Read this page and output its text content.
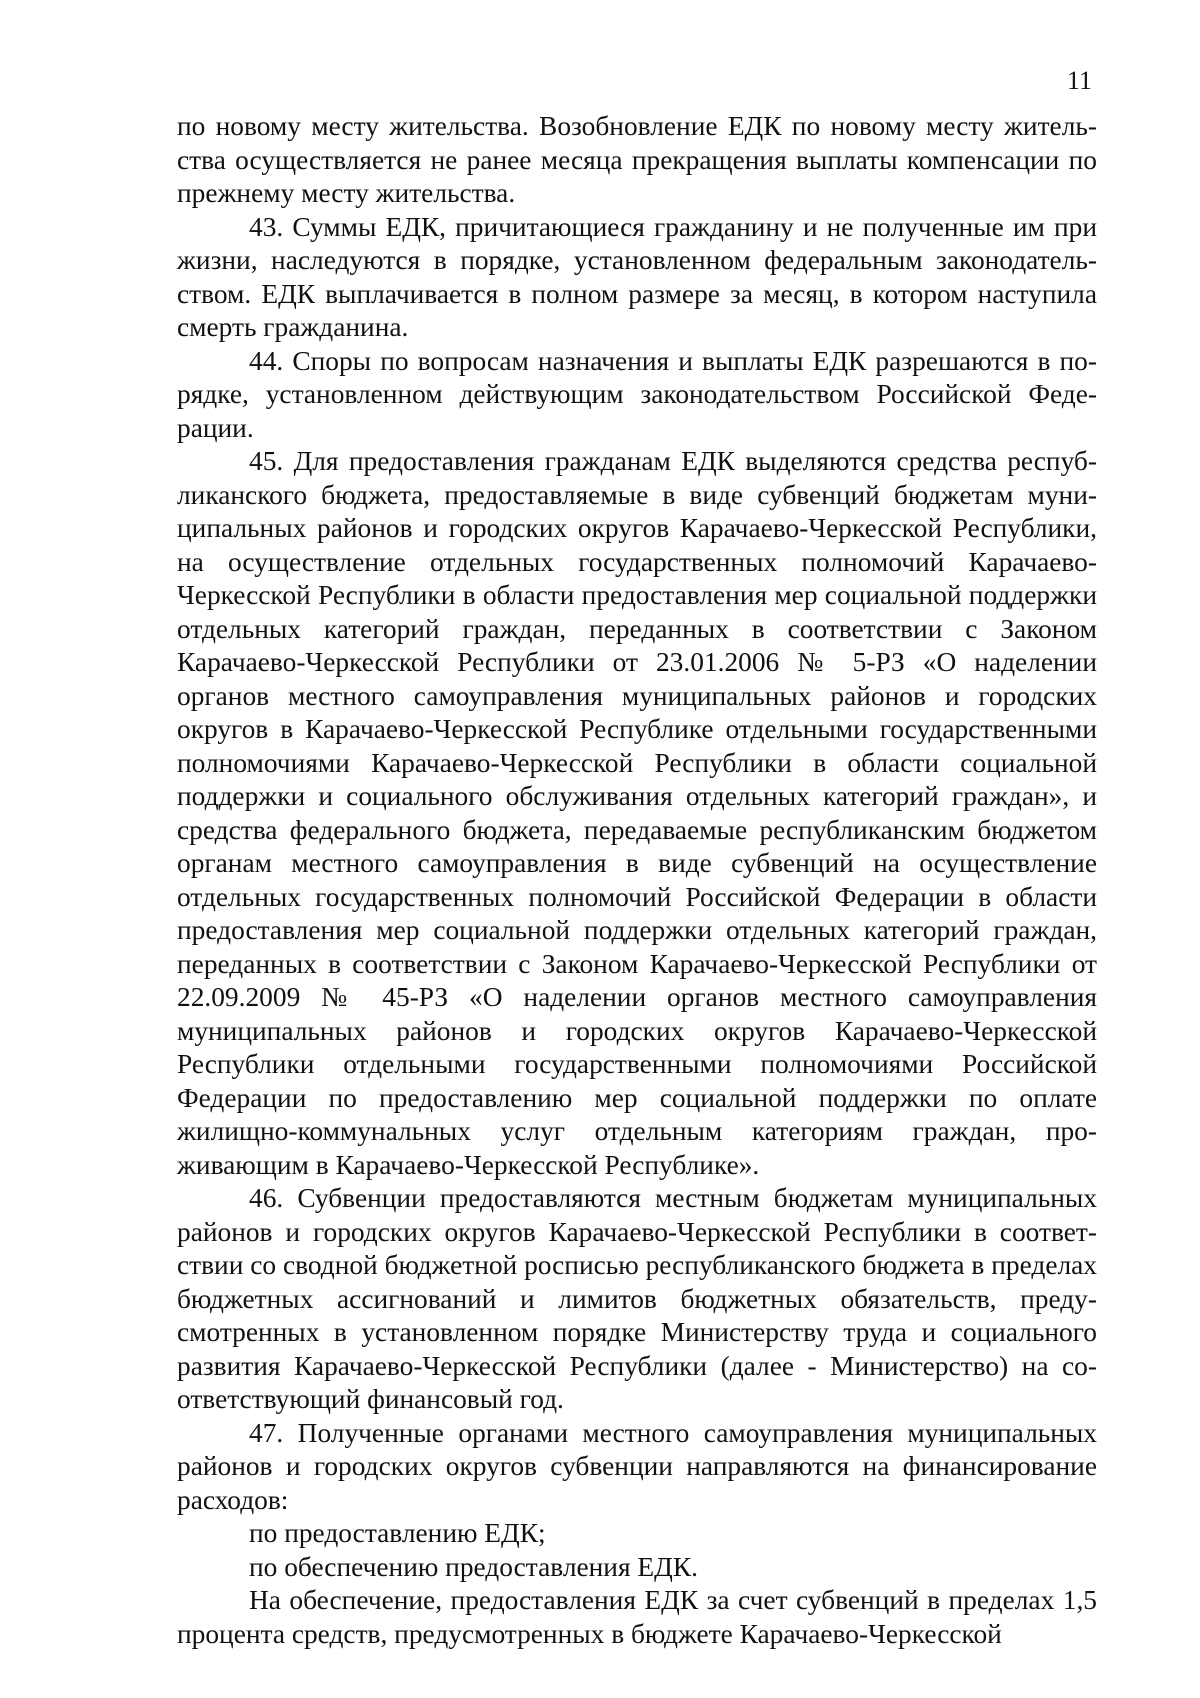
11

по новому месту жительства. Возобновление ЕДК по новому месту жительства осуществляется не ранее месяца прекращения выплаты компенсации по прежнему месту жительства.

43. Суммы ЕДК, причитающиеся гражданину и не полученные им при жизни, наследуются в порядке, установленном федеральным законодательством. ЕДК выплачивается в полном размере за месяц, в котором наступила смерть гражданина.

44. Споры по вопросам назначения и выплаты ЕДК разрешаются в порядке, установленном действующим законодательством Российской Федерации.

45. Для предоставления гражданам ЕДК выделяются средства республиканского бюджета, предоставляемые в виде субвенций бюджетам муниципальных районов и городских округов Карачаево-Черкесской Республики, на осуществление отдельных государственных полномочий Карачаево-Черкесской Республики в области предоставления мер социальной поддержки отдельных категорий граждан, переданных в соответствии с Законом Карачаево-Черкесской Республики от 23.01.2006 № 5-РЗ «О наделении органов местного самоуправления муниципальных районов и городских округов в Карачаево-Черкесской Республике отдельными государственными полномочиями Карачаево-Черкесской Республики в области социальной поддержки и социального обслуживания отдельных категорий граждан», и средства федерального бюджета, передаваемые республиканским бюджетом органам местного самоуправления в виде субвенций на осуществление отдельных государственных полномочий Российской Федерации в области предоставления мер социальной поддержки отдельных категорий граждан, переданных в соответствии с Законом Карачаево-Черкесской Республики от 22.09.2009 № 45-РЗ «О наделении органов местного самоуправления муниципальных районов и городских округов Карачаево-Черкесской Республики отдельными государственными полномочиями Российской Федерации по предоставлению мер социальной поддержки по оплате жилищно-коммунальных услуг отдельным категориям граждан, проживающим в Карачаево-Черкесской Республике».

46. Субвенции предоставляются местным бюджетам муниципальных районов и городских округов Карачаево-Черкесской Республики в соответствии со сводной бюджетной росписью республиканского бюджета в пределах бюджетных ассигнований и лимитов бюджетных обязательств, предусмотренных в установленном порядке Министерству труда и социального развития Карачаево-Черкесской Республики (далее - Министерство) на соответствующий финансовый год.

47. Полученные органами местного самоуправления муниципальных районов и городских округов субвенции направляются на финансирование расходов:

по предоставлению ЕДК;

по обеспечению предоставления ЕДК.

На обеспечение, предоставления ЕДК за счет субвенций в пределах 1,5 процента средств, предусмотренных в бюджете Карачаево-Черкесской
